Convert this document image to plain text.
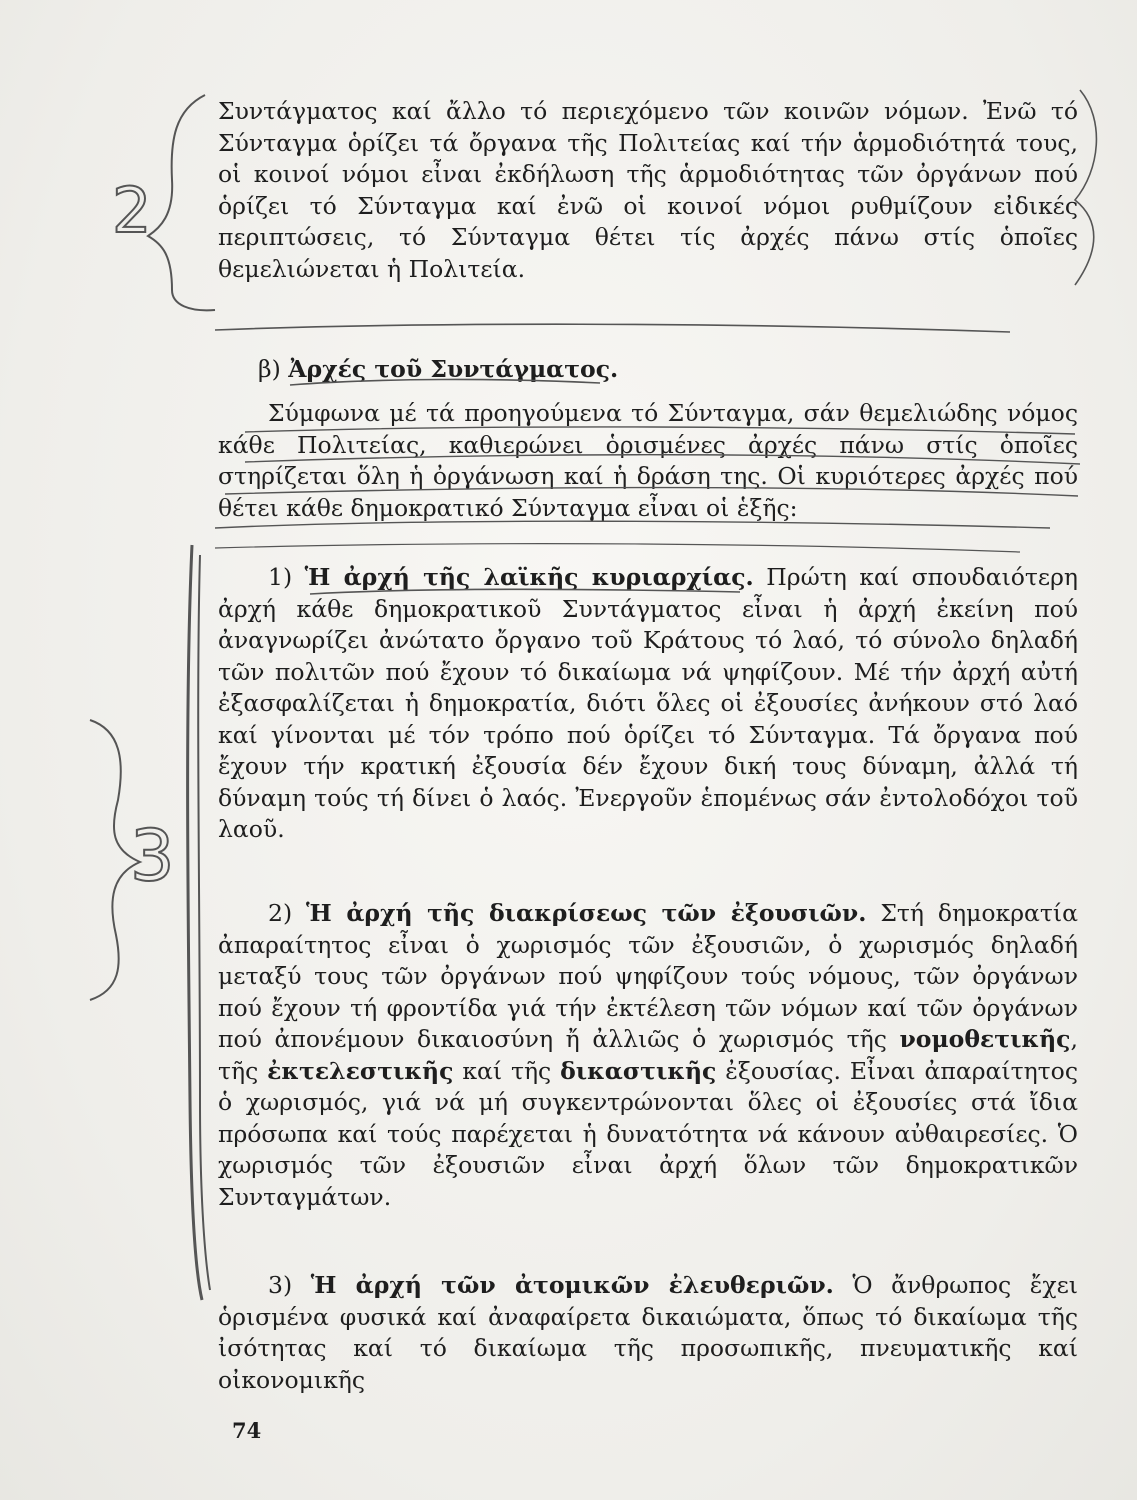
Συντάγματος καί ἄλλο τό περιεχόμενο τῶν κοινῶν νόμων. Ἐνῶ τό Σύνταγμα ὁρίζει τά ὄργανα τῆς Πολιτείας καί τήν ἁρμοδιότητά τους, οἱ κοινοί νόμοι εἶναι ἐκδήλωση τῆς ἁρμοδιότητας τῶν ὀργάνων πού ὁρίζει τό Σύνταγμα καί ἐνῶ οἱ κοινοί νόμοι ρυθμίζουν εἰδικές περιπτώσεις, τό Σύνταγμα θέτει τίς ἀρχές πάνω στίς ὁποῖες θεμελιώνεται ἡ Πολιτεία.
β) Ἀρχές τοῦ Συντάγματος.
Σύμφωνα μέ τά προηγούμενα τό Σύνταγμα, σάν θεμελιώδης νόμος κάθε Πολιτείας, καθιερώνει ὁρισμένες ἀρχές πάνω στίς ὁποῖες στηρίζεται ὅλη ἡ ὀργάνωση καί ἡ δράση της. Οἱ κυριότερες ἀρχές πού θέτει κάθε δημοκρατικό Σύνταγμα εἶναι οἱ ἑξῆς:
1) Ἡ ἀρχή τῆς λαϊκῆς κυριαρχίας. Πρώτη καί σπουδαιότερη ἀρχή κάθε δημοκρατικοῦ Συντάγματος εἶναι ἡ ἀρχή ἐκείνη πού ἀναγνωρίζει ἀνώτατο ὄργανο τοῦ Κράτους τό λαό, τό σύνολο δηλαδή τῶν πολιτῶν πού ἔχουν τό δικαίωμα νά ψηφίζουν. Μέ τήν ἀρχή αὐτή ἐξασφαλίζεται ἡ δημοκρατία, διότι ὅλες οἱ ἐξουσίες ἀνήκουν στό λαό καί γίνονται μέ τόν τρόπο πού ὁρίζει τό Σύνταγμα. Τά ὄργανα πού ἔχουν τήν κρατική ἐξουσία δέν ἔχουν δική τους δύναμη, ἀλλά τή δύναμη τούς τή δίνει ὁ λαός. Ἐνεργοῦν ἑπομένως σάν ἐντολοδόχοι τοῦ λαοῦ.
2) Ἡ ἀρχή τῆς διακρίσεως τῶν ἐξουσιῶν. Στή δημοκρατία ἀπαραίτητος εἶναι ὁ χωρισμός τῶν ἐξουσιῶν, ὁ χωρισμός δηλαδή μεταξύ τους τῶν ὀργάνων πού ψηφίζουν τούς νόμους, τῶν ὀργάνων πού ἔχουν τή φροντίδα γιά τήν ἐκτέλεση τῶν νόμων καί τῶν ὀργάνων πού ἀπονέμουν δικαιοσύνη ἤ ἀλλιῶς ὁ χωρισμός τῆς νομοθετικῆς, τῆς ἐκτελεστικῆς καί τῆς δικαστικῆς ἐξουσίας. Εἶναι ἀπαραίτητος ὁ χωρισμός, γιά νά μή συγκεντρώνονται ὅλες οἱ ἐξουσίες στά ἴδια πρόσωπα καί τούς παρέχεται ἡ δυνατότητα νά κάνουν αὐθαιρεσίες. Ὁ χωρισμός τῶν ἐξουσιῶν εἶναι ἀρχή ὅλων τῶν δημοκρατικῶν Συνταγμάτων.
3) Ἡ ἀρχή τῶν ἀτομικῶν ἐλευθεριῶν. Ὁ ἄνθρωπος ἔχει ὁρισμένα φυσικά καί ἀναφαίρετα δικαιώματα, ὅπως τό δικαίωμα τῆς ἰσότητας καί τό δικαίωμα τῆς προσωπικῆς, πνευματικῆς καί οἰκονομικῆς
74
2
3
